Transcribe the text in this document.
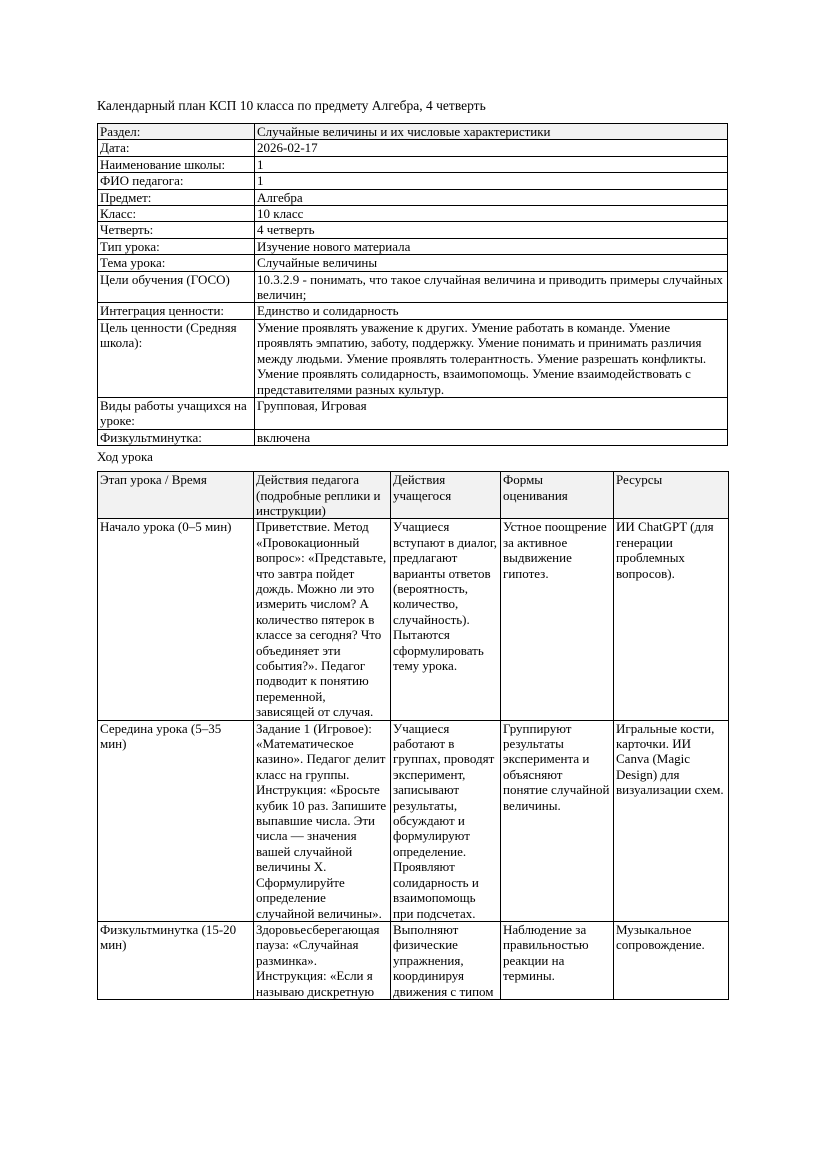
Календарный план КСП 10 класса по предмету Алгебра, 4 четверть

Раздел:	Случайные величины и их числовые характеристики
Дата:	2026-02-17
Наименование школы:	1
ФИО педагога:	1
Предмет:	Алгебра
Класс:	10 класс
Четверть:	4 четверть
Тип урока:	Изучение нового материала
Тема урока:	Случайные величины
Цели обучения (ГОСО)	10.3.2.9 - понимать, что такое случайная величина и приводить примеры случайных величин;
Интеграция ценности:	Единство и солидарность
Цель ценности (Средняя школа):	Умение проявлять уважение к других. Умение работать в команде. Умение проявлять эмпатию, заботу, поддержку. Умение понимать и принимать различия между людьми. Умение проявлять толерантность. Умение разрешать конфликты. Умение проявлять солидарность, взаимопомощь. Умение взаимодействовать с представителями разных культур.
Виды работы учащихся на уроке:	Групповая, Игровая
Физкультминутка:	включена

Ход урока

Этап урока / Время	Действия педагога (подробные реплики и инструкции)	Действия учащегося	Формы оценивания	Ресурсы
Начало урока (0–5 мин)	Приветствие. Метод «Провокационный вопрос»: «Представьте, что завтра пойдет дождь. Можно ли это измерить числом? А количество пятерок в классе за сегодня? Что объединяет эти события?». Педагог подводит к понятию переменной, зависящей от случая.	Учащиеся вступают в диалог, предлагают варианты ответов (вероятность, количество, случайность). Пытаются сформулировать тему урока.	Устное поощрение за активное выдвижение гипотез.	ИИ ChatGPT (для генерации проблемных вопросов).
Середина урока (5–35 мин)	Задание 1 (Игровое): «Математическое казино». Педагог делит класс на группы. Инструкция: «Бросьте кубик 10 раз. Запишите выпавшие числа. Эти числа — значения вашей случайной величины X. Сформулируйте определение случайной величины».	Учащиеся работают в группах, проводят эксперимент, записывают результаты, обсуждают и формулируют определение. Проявляют солидарность и взаимопомощь при подсчетах.	Группируют результаты эксперимента и объясняют понятие случайной величины.	Игральные кости, карточки. ИИ Canva (Magic Design) для визуализации схем.
Физкультминутка (15-20 мин)	Здоровьесберегающая пауза: «Случайная разминка». Инструкция: «Если я называю дискретную	Выполняют физические упражнения, координируя движения с типом	Наблюдение за правильностью реакции на термины.	Музыкальное сопровождение.
